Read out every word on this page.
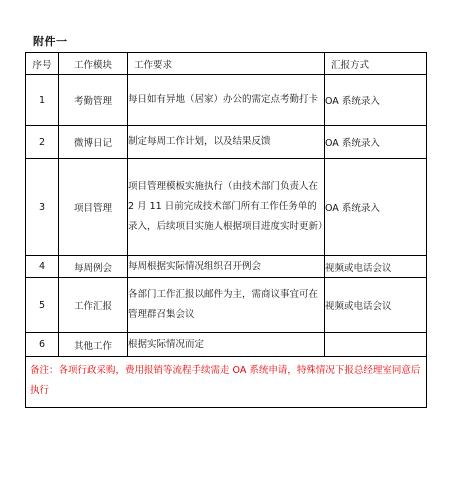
附件一
序号	工作模块	工作要求	汇报方式
1	考勤管理	每日如有异地（居家）办公的需定点考勤打卡	OA 系统录入
2	微博日记	制定每周工作计划，以及结果反馈	OA 系统录入
3	项目管理	项目管理模板实施执行（由技术部门负责人在 2 月 11 日前完成技术部门所有工作任务单的录入，后续项目实施人根据项目进度实时更新）	OA 系统录入
4	每周例会	每周根据实际情况组织召开例会	视频或电话会议
5	工作汇报	各部门工作汇报以邮件为主，需商议事宜可在管理群召集会议	视频或电话会议
6	其他工作	根据实际情况而定	
备注：各项行政采购，费用报销等流程手续需走 OA 系统申请，特殊情况下报总经理室同意后执行			
